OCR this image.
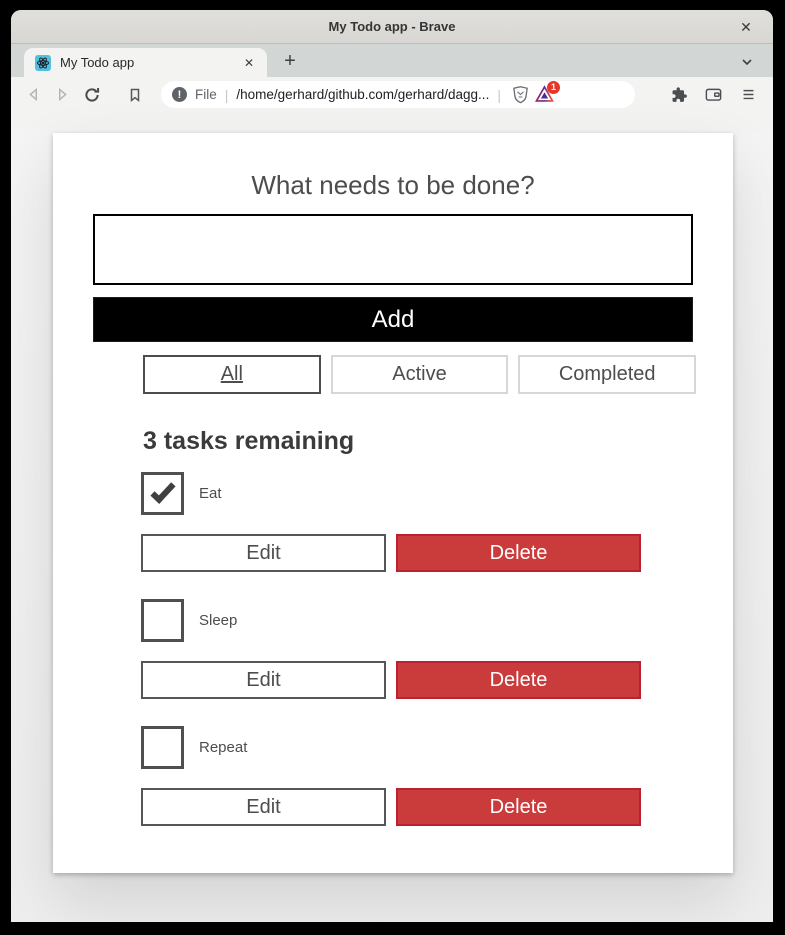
My Todo app - Brave	✕
My Todo app	✕	+
!	File | /home/gerhard/github.com/gerhard/dagg... |	1
What needs to be done?
Add
All	Active	Completed
3 tasks remaining
Eat
Edit	Delete
Sleep
Edit	Delete
Repeat
Edit	Delete
